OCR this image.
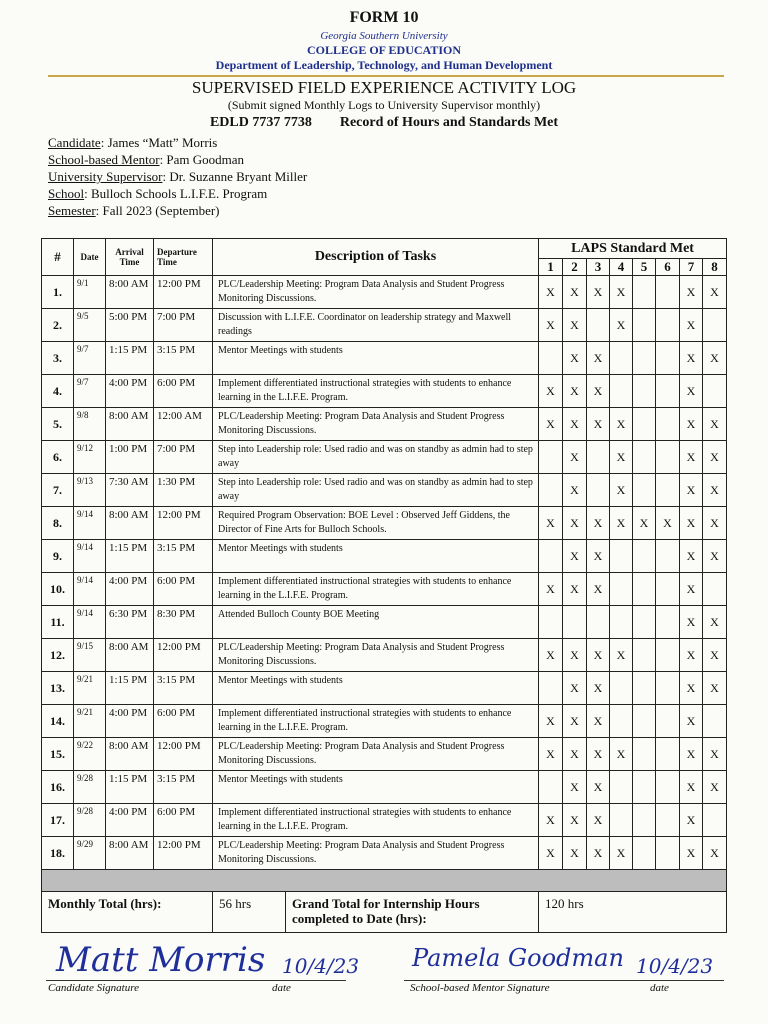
FORM 10
Georgia Southern University
COLLEGE OF EDUCATION
Department of Leadership, Technology, and Human Development
SUPERVISED FIELD EXPERIENCE ACTIVITY LOG
(Submit signed Monthly Logs to University Supervisor monthly)
EDLD 7737 7738 Record of Hours and Standards Met
Candidate: James “Matt” Morris
School-based Mentor: Pam Goodman
University Supervisor: Dr. Suzanne Bryant Miller
School: Bulloch Schools L.I.F.E. Program
Semester: Fall 2023 (September)
#	Date	Arrival Time	Departure Time	Description of Tasks	LAPS Standard Met							
					1	2	3	4	5	6	7	8
1.	9/1	8:00 AM	12:00 PM	PLC/Leadership Meeting: Program Data Analysis and Student Progress Monitoring Discussions.	X	X	X	X			X	X
2.	9/5	5:00 PM	7:00 PM	Discussion with L.I.F.E. Coordinator on leadership strategy and Maxwell readings	X	X		X			X	
3.	9/7	1:15 PM	3:15 PM	Mentor Meetings with students		X	X				X	X
4.	9/7	4:00 PM	6:00 PM	Implement differentiated instructional strategies with students to enhance learning in the L.I.F.E. Program.	X	X	X				X	
5.	9/8	8:00 AM	12:00 AM	PLC/Leadership Meeting: Program Data Analysis and Student Progress Monitoring Discussions.	X	X	X	X			X	X
6.	9/12	1:00 PM	7:00 PM	Step into Leadership role: Used radio and was on standby as admin had to step away		X		X			X	X
7.	9/13	7:30 AM	1:30 PM	Step into Leadership role: Used radio and was on standby as admin had to step away		X		X			X	X
8.	9/14	8:00 AM	12:00 PM	Required Program Observation: BOE Level : Observed Jeff Giddens, the Director of Fine Arts for Bulloch Schools.	X	X	X	X	X	X	X	X
9.	9/14	1:15 PM	3:15 PM	Mentor Meetings with students		X	X				X	X
10.	9/14	4:00 PM	6:00 PM	Implement differentiated instructional strategies with students to enhance learning in the L.I.F.E. Program.	X	X	X				X	
11.	9/14	6:30 PM	8:30 PM	Attended Bulloch County BOE Meeting							X	X
12.	9/15	8:00 AM	12:00 PM	PLC/Leadership Meeting: Program Data Analysis and Student Progress Monitoring Discussions.	X	X	X	X			X	X
13.	9/21	1:15 PM	3:15 PM	Mentor Meetings with students		X	X				X	X
14.	9/21	4:00 PM	6:00 PM	Implement differentiated instructional strategies with students to enhance learning in the L.I.F.E. Program.	X	X	X				X	
15.	9/22	8:00 AM	12:00 PM	PLC/Leadership Meeting: Program Data Analysis and Student Progress Monitoring Discussions.	X	X	X	X			X	X
16.	9/28	1:15 PM	3:15 PM	Mentor Meetings with students		X	X				X	X
17.	9/28	4:00 PM	6:00 PM	Implement differentiated instructional strategies with students to enhance learning in the L.I.F.E. Program.	X	X	X				X	
18.	9/29	8:00 AM	12:00 PM	PLC/Leadership Meeting: Program Data Analysis and Student Progress Monitoring Discussions.	X	X	X	X			X	X

Monthly Total (hrs):				56 hrs Grand Total for Internship Hours completed to Date (hrs):	120 hrs							
Matt Morris 10/4/23 Pamela Goodman 10/4/23
Candidate Signature	date	School-based Mentor Signature	date
